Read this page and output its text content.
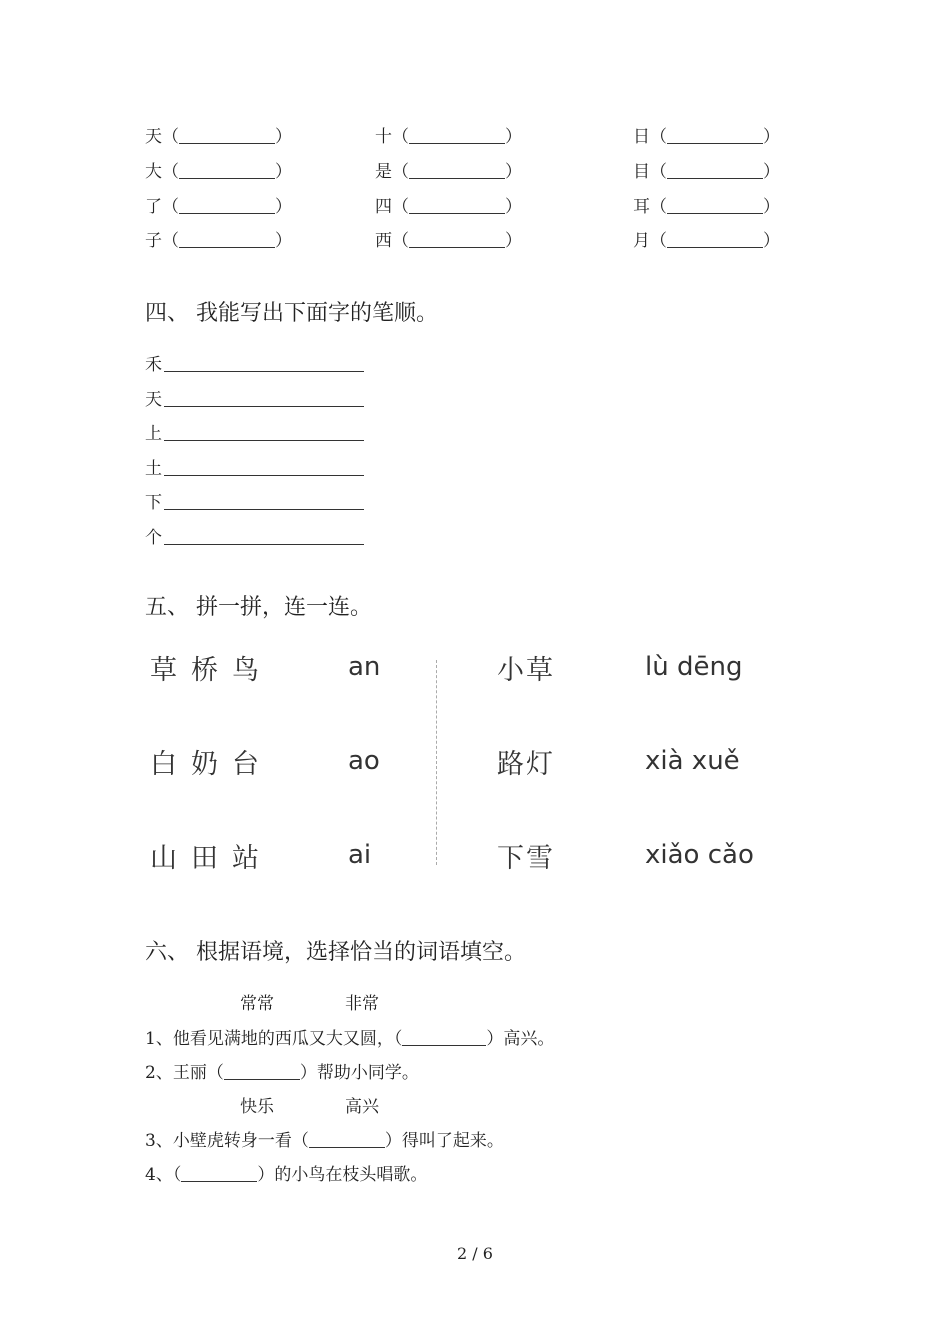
天（	）	十（	）	日（	）
大（	）	是（	）	目（	）
了（	）	四（	）	耳（	）
子（	）	西（	）	月（	）
四、 我能写出下面字的笔顺。
禾
天
上
土
下
个
五、 拼一拼，连一连。
草桥鸟	an
白奶台	ao
山田站	ai
小草	lù dēng
路灯	xià xuě
下雪	xiǎo cǎo
六、 根据语境，选择恰当的词语填空。
常常	非常
1、他看见满地的西瓜又大又圆，（	）高兴。
2、王丽（	）帮助小同学。
快乐	高兴
3、小壁虎转身一看（	）得叫了起来。
4、（	）的小鸟在枝头唱歌。
2 / 6
